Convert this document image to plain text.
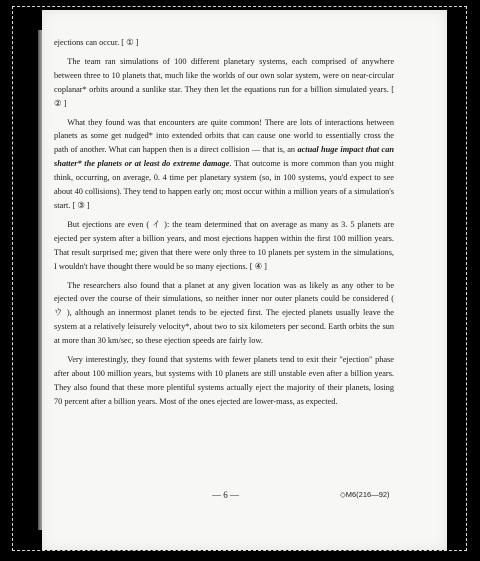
ejections can occur. [ ① ]

The team ran simulations of 100 different planetary systems, each comprised of anywhere between three to 10 planets that, much like the worlds of our own solar system, were on near-circular coplanar* orbits around a sunlike star. They then let the equations run for a billion simulated years. [ ② ]

What they found was that encounters are quite common! There are lots of interactions between planets as some get nudged* into extended orbits that can cause one world to essentially cross the path of another. What can happen then is a direct collision — that is, an actual huge impact that can shatter* the planets or at least do extreme damage. That outcome is more common than you might think, occurring, on average, 0. 4 time per planetary system (so, in 100 systems, you'd expect to see about 40 collisions). They tend to happen early on; most occur within a million years of a simulation's start. [ ③ ]

But ejections are even ( イ ): the team determined that on average as many as 3. 5 planets are ejected per system after a billion years, and most ejections happen within the first 100 million years. That result surprised me; given that there were only three to 10 planets per system in the simulations, I wouldn't have thought there would be so many ejections. [ ④ ]

The researchers also found that a planet at any given location was as likely as any other to be ejected over the course of their simulations, so neither inner nor outer planets could be considered ( ウ ), although an innermost planet tends to be ejected first. The ejected planets usually leave the system at a relatively leisurely velocity*, about two to six kilometers per second. Earth orbits the sun at more than 30 km/sec, so these ejection speeds are fairly low.

Very interestingly, they found that systems with fewer planets tend to exit their "ejection" phase after about 100 million years, but systems with 10 planets are still unstable even after a billion years. They also found that these more plentiful systems actually eject the majority of their planets, losing 70 percent after a billion years. Most of the ones ejected are lower-mass, as expected.

— 6 —	◇M6(216—92)
